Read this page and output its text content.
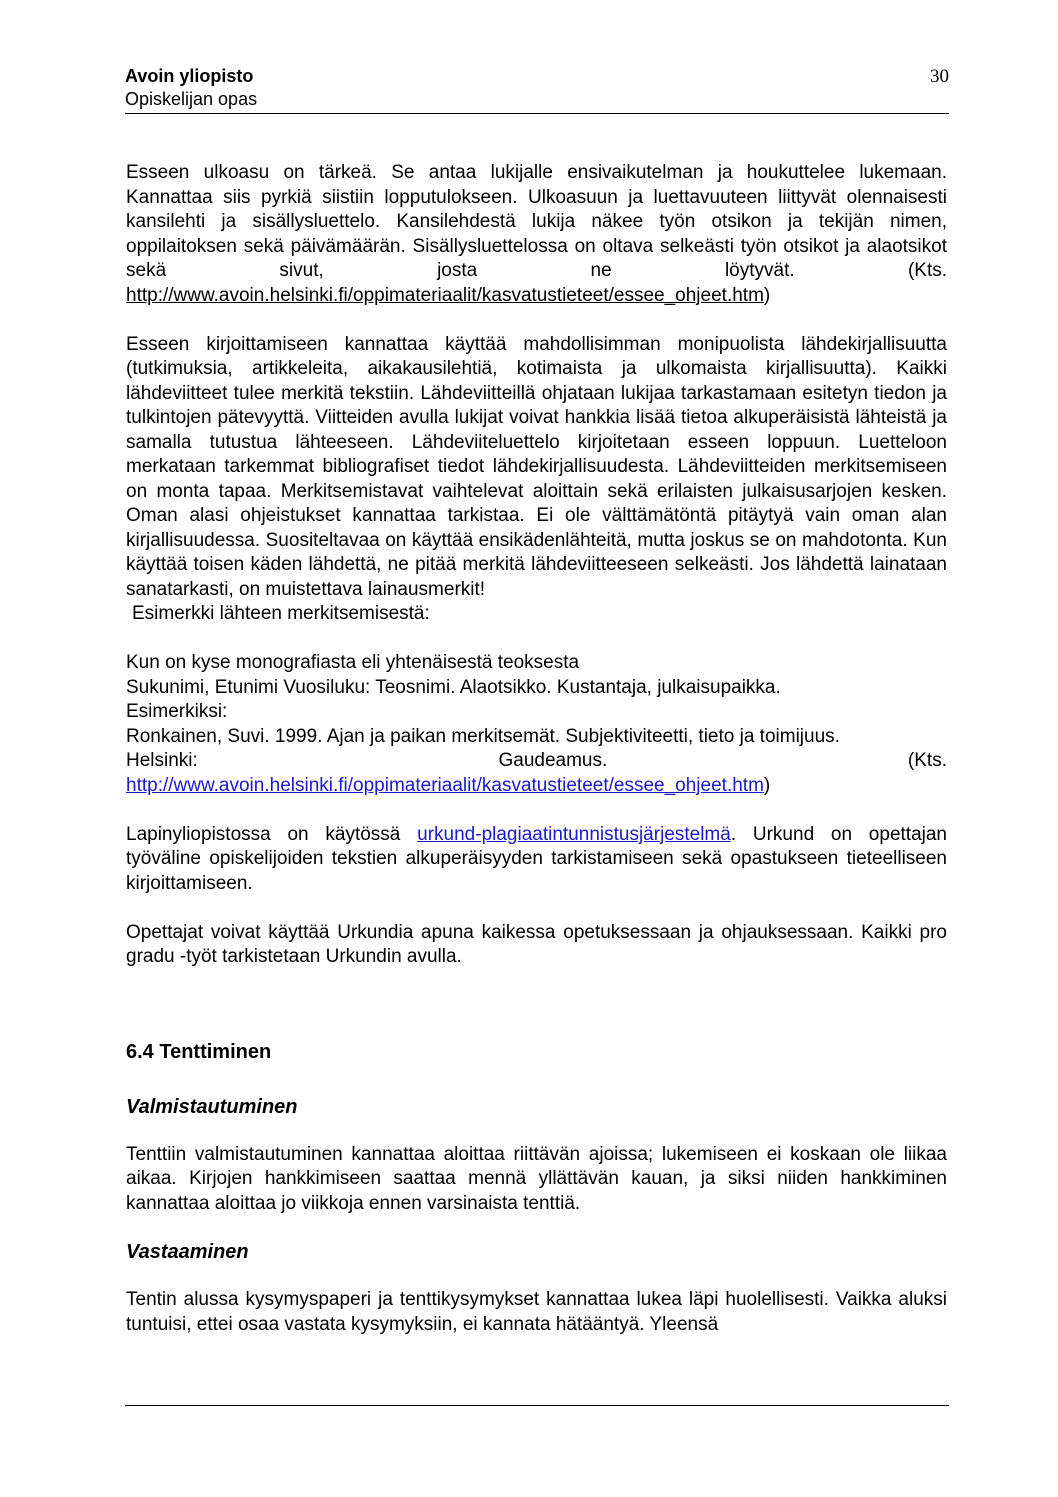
Avoin yliopisto
Opiskelijan opas
30

Esseen ulkoasu on tärkeä. Se antaa lukijalle ensivaikutelman ja houkuttelee lukemaan. Kannattaa siis pyrkiä siistiin lopputulokseen. Ulkoasuun ja luettavuuteen liittyvät olennaisesti kansilehti ja sisällysluettelo. Kansilehdestä lukija näkee työn otsikon ja tekijän nimen, oppilaitoksen sekä päivämäärän. Sisällysluettelossa on oltava selkeästi työn otsikot ja alaotsikot sekä sivut, josta ne löytyvät. (Kts. http://www.avoin.helsinki.fi/oppimateriaalit/kasvatustieteet/essee_ohjeet.htm)

Esseen kirjoittamiseen kannattaa käyttää mahdollisimman monipuolista lähdekirjallisuutta (tutkimuksia, artikkeleita, aikakausilehtiä, kotimaista ja ulkomaista kirjallisuutta). Kaikki lähdeviitteet tulee merkitä tekstiin. Lähdeviitteillä ohjataan lukijaa tarkastamaan esitetyn tiedon ja tulkintojen pätevyyttä. Viitteiden avulla lukijat voivat hankkia lisää tietoa alkuperäisistä lähteistä ja samalla tutustua lähteeseen. Lähdeviiteluettelo kirjoitetaan esseen loppuun. Luetteloon merkataan tarkemmat bibliografiset tiedot lähdekirjallisuudesta. Lähdeviitteiden merkitsemiseen on monta tapaa. Merkitsemistavat vaihtelevat aloittain sekä erilaisten julkaisusarjojen kesken. Oman alasi ohjeistukset kannattaa tarkistaa. Ei ole välttämätöntä pitäytyä vain oman alan kirjallisuudessa. Suositeltavaa on käyttää ensikädenlähteitä, mutta joskus se on mahdotonta. Kun käyttää toisen käden lähdettä, ne pitää merkitä lähdeviitteeseen selkeästi. Jos lähdettä lainataan sanatarkasti, on muistettava lainausmerkit!

Esimerkki lähteen merkitsemisestä:

Kun on kyse monografiasta eli yhtenäisestä teoksesta

Sukunimi, Etunimi Vuosiluku: Teosnimi. Alaotsikko. Kustantaja, julkaisupaikka.

Esimerkiksi:

Ronkainen, Suvi. 1999. Ajan ja paikan merkitsemät. Subjektiviteetti, tieto ja toimijuus.

Helsinki:	Gaudeamus.	(Kts.

http://www.avoin.helsinki.fi/oppimateriaalit/kasvatustieteet/essee_ohjeet.htm)

Lapinyliopistossa on käytössä urkund-plagiaatintunnistusjärjestelmä. Urkund on opettajan työväline opiskelijoiden tekstien alkuperäisyyden tarkistamiseen sekä opastukseen tieteelliseen kirjoittamiseen.

Opettajat voivat käyttää Urkundia apuna kaikessa opetuksessaan ja ohjauksessaan. Kaikki pro gradu -työt tarkistetaan Urkundin avulla.

6.4 Tenttiminen
Valmistautuminen

Tenttiin valmistautuminen kannattaa aloittaa riittävän ajoissa; lukemiseen ei koskaan ole liikaa aikaa. Kirjojen hankkimiseen saattaa mennä yllättävän kauan, ja siksi niiden hankkiminen kannattaa aloittaa jo viikkoja ennen varsinaista tenttiä.

Vastaaminen

Tentin alussa kysymyspaperi ja tenttikysymykset kannattaa lukea läpi huolellisesti. Vaikka aluksi tuntuisi, ettei osaa vastata kysymyksiin, ei kannata hätääntyä. Yleensä
